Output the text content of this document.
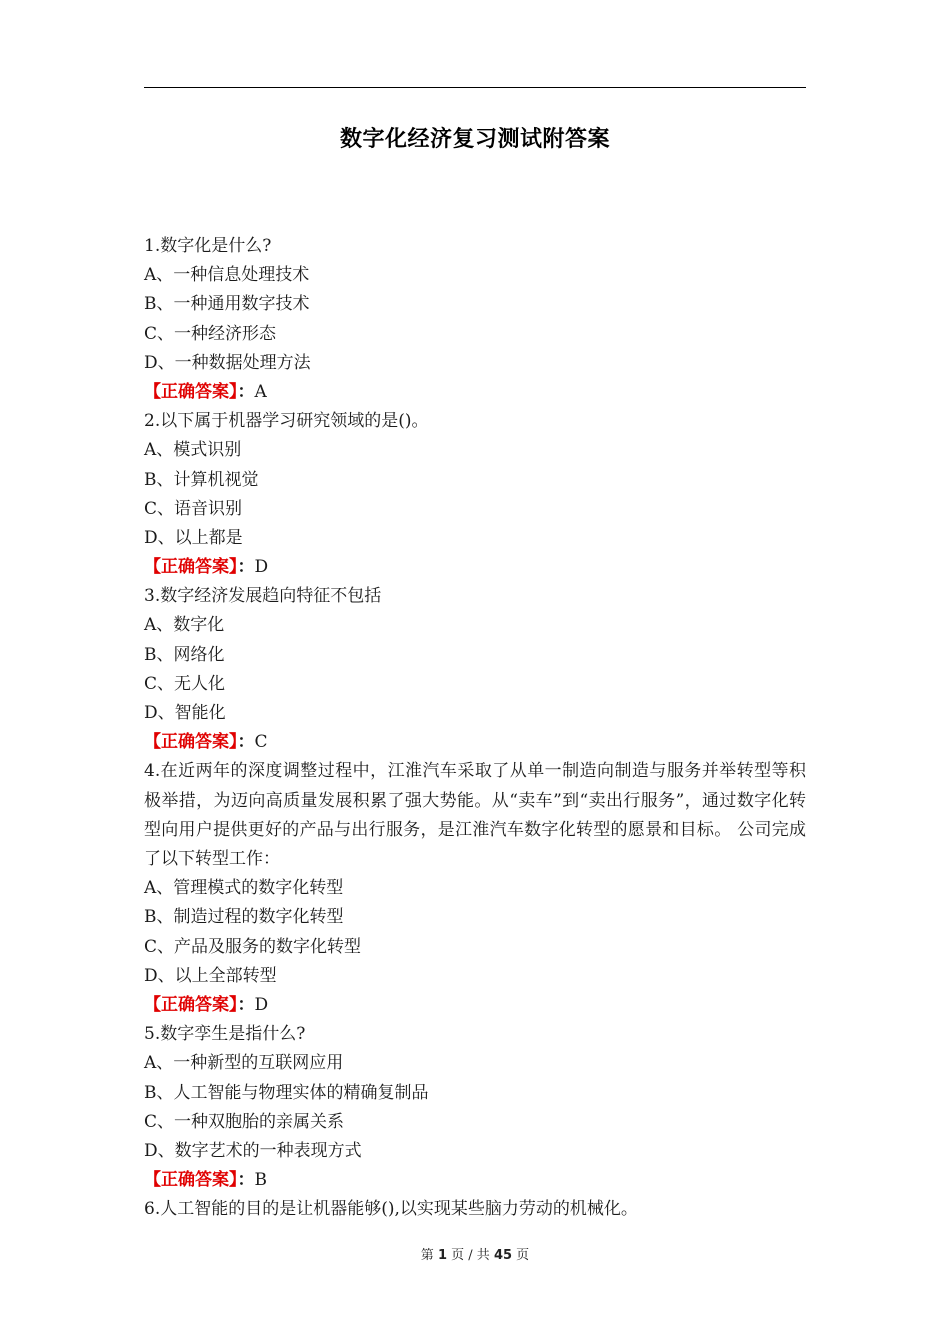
数字化经济复习测试附答案
1.数字化是什么?
A、一种信息处理技术
B、一种通用数字技术
C、一种经济形态
D、一种数据处理方法
【正确答案】：A
2.以下属于机器学习研究领域的是()。
A、模式识别
B、计算机视觉
C、语音识别
D、以上都是
【正确答案】：D
3.数字经济发展趋向特征不包括
A、数字化
B、网络化
C、无人化
D、智能化
【正确答案】：C
4.在近两年的深度调整过程中，江淮汽车采取了从单一制造向制造与服务并举转型等积极举措，为迈向高质量发展积累了强大势能。从“卖车”到“卖出行服务”，通过数字化转型向用户提供更好的产品与出行服务，是江淮汽车数字化转型的愿景和目标。 公司完成了以下转型工作：
A、管理模式的数字化转型
B、制造过程的数字化转型
C、产品及服务的数字化转型
D、以上全部转型
【正确答案】：D
5.数字孪生是指什么?
A、一种新型的互联网应用
B、人工智能与物理实体的精确复制品
C、一种双胞胎的亲属关系
D、数字艺术的一种表现方式
【正确答案】：B
6.人工智能的目的是让机器能够(),以实现某些脑力劳动的机械化。
第 1 页 / 共 45 页
